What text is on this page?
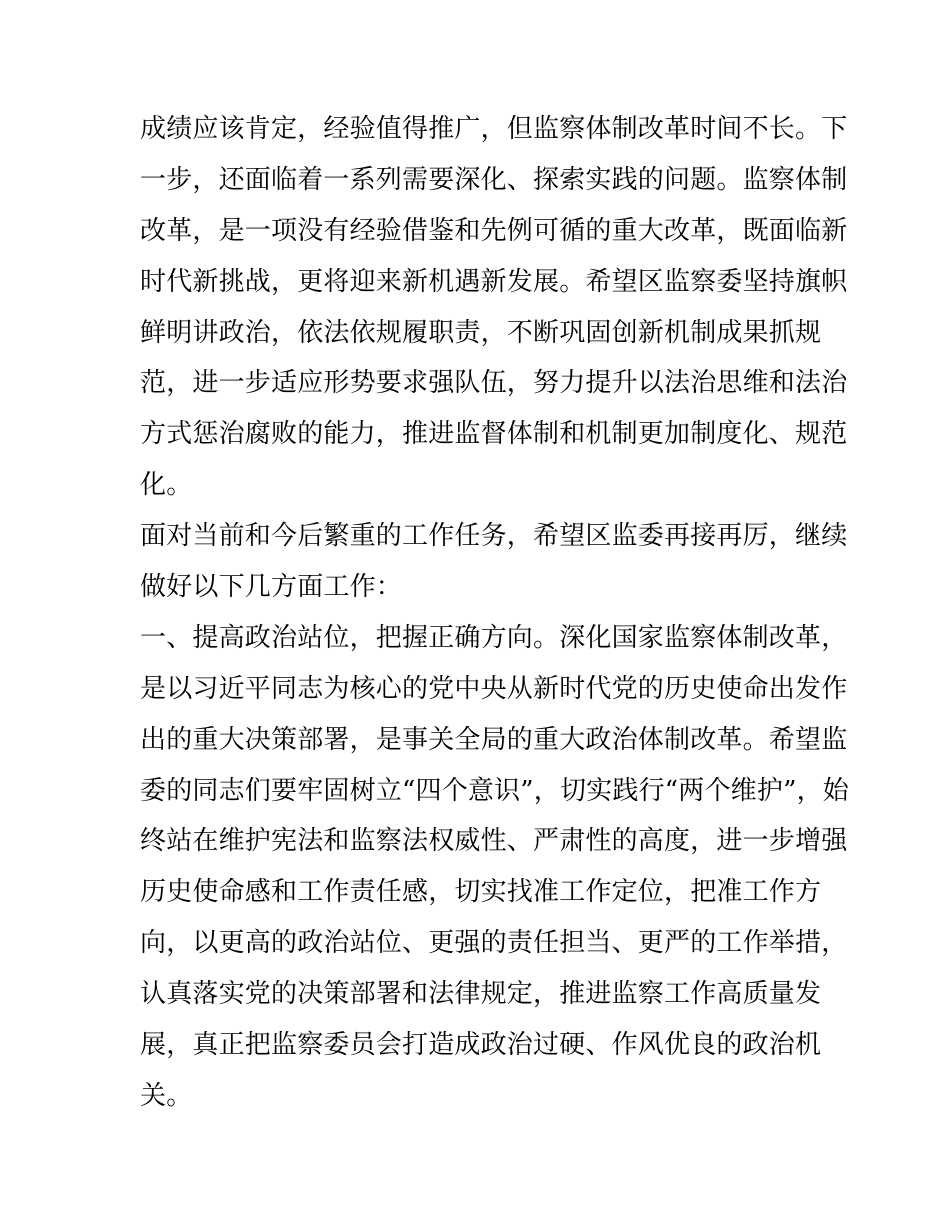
成绩应该肯定，经验值得推广，但监察体制改革时间不长。下
一步，还面临着一系列需要深化、探索实践的问题。监察体制
改革，是一项没有经验借鉴和先例可循的重大改革，既面临新
时代新挑战，更将迎来新机遇新发展。希望区监察委坚持旗帜
鲜明讲政治，依法依规履职责，不断巩固创新机制成果抓规
范，进一步适应形势要求强队伍，努力提升以法治思维和法治
方式惩治腐败的能力，推进监督体制和机制更加制度化、规范
化。
面对当前和今后繁重的工作任务，希望区监委再接再厉，继续
做好以下几方面工作：
一、提高政治站位，把握正确方向。深化国家监察体制改革，
是以习近平同志为核心的党中央从新时代党的历史使命出发作
出的重大决策部署，是事关全局的重大政治体制改革。希望监
委的同志们要牢固树立“四个意识”，切实践行“两个维护”，始
终站在维护宪法和监察法权威性、严肃性的高度，进一步增强
历史使命感和工作责任感，切实找准工作定位，把准工作方
向，以更高的政治站位、更强的责任担当、更严的工作举措，
认真落实党的决策部署和法律规定，推进监察工作高质量发
展，真正把监察委员会打造成政治过硬、作风优良的政治机
关。
